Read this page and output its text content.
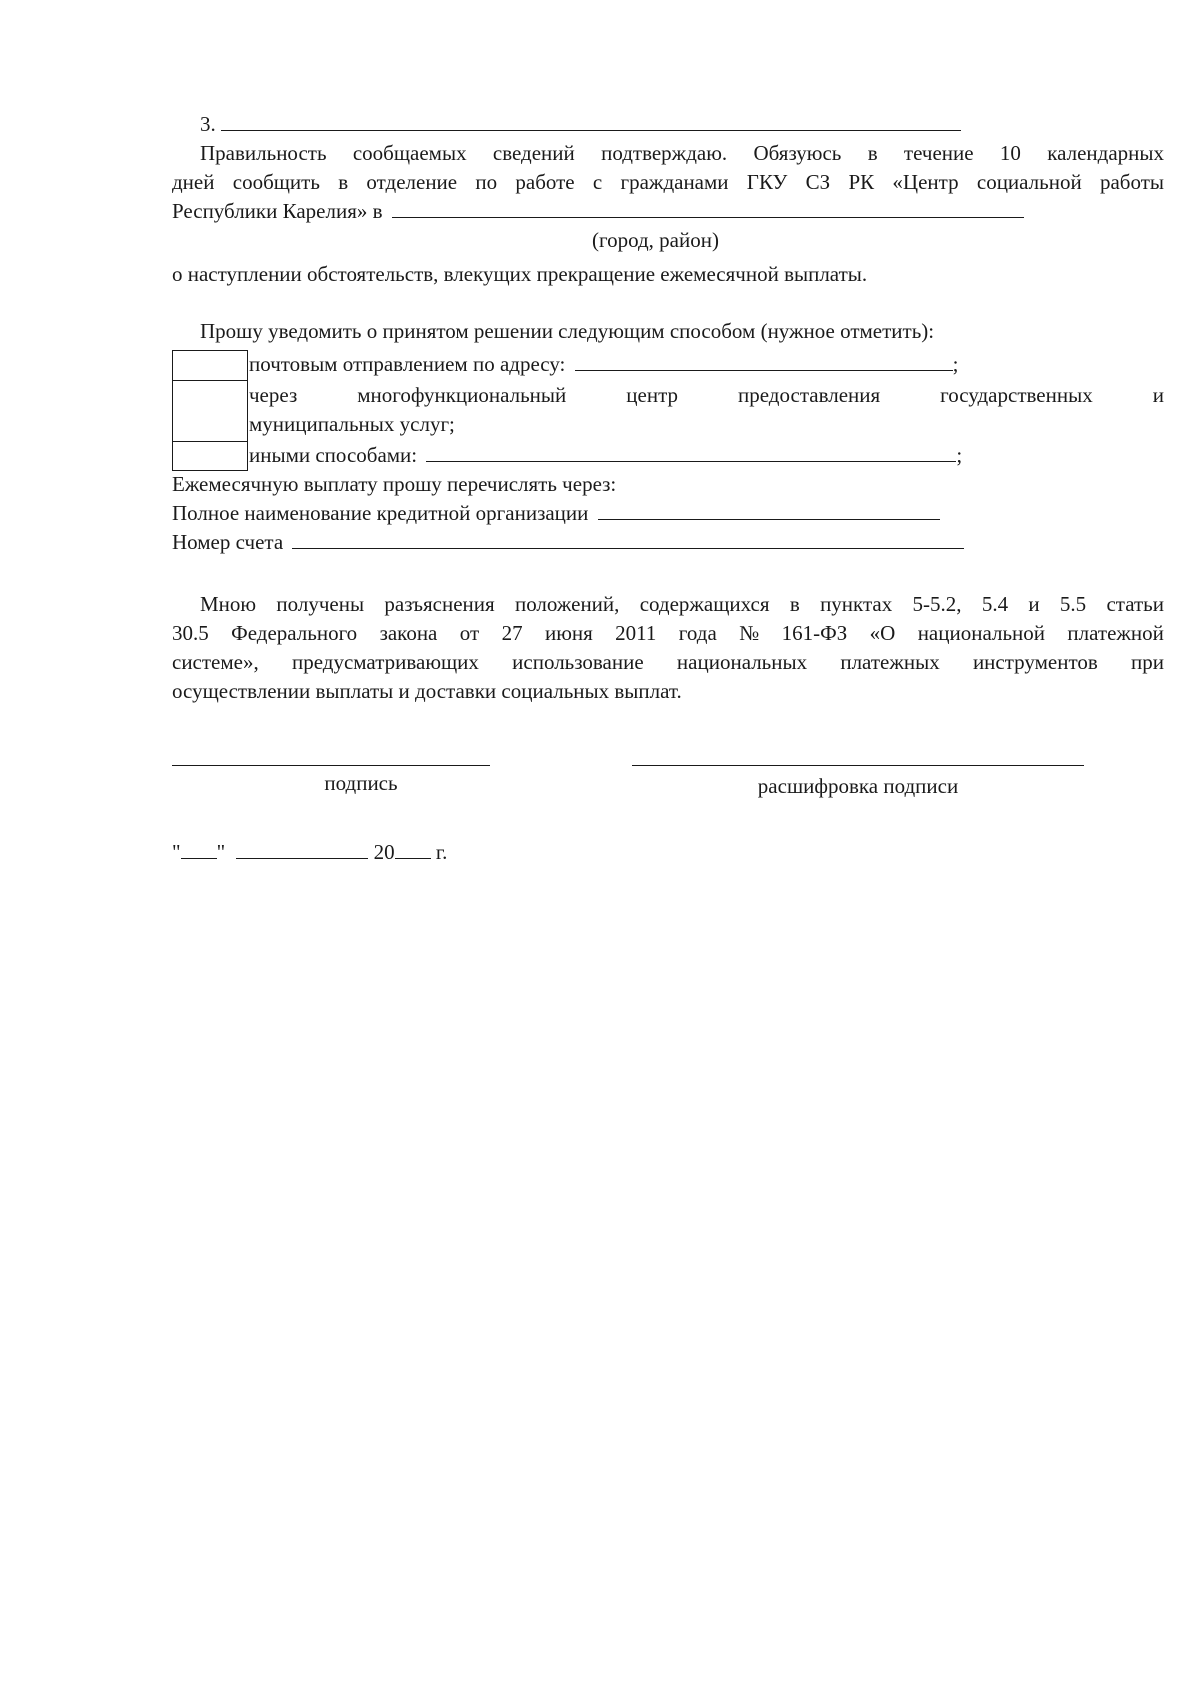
3.
Правильность сообщаемых сведений подтверждаю. Обязуюсь в течение 10 календарных
дней сообщить в отделение по работе с гражданами ГКУ СЗ РК «Центр социальной работы
Республики Карелия» в
(город, район)
о наступлении обстоятельств, влекущих прекращение ежемесячной выплаты.
Прошу уведомить о принятом решении следующим способом (нужное отметить):
почтовым отправлением по адресу:	;
через	многофункциональный	центр	предоставления	государственных	и
муниципальных услуг;
иными способами:	;
Ежемесячную выплату прошу перечислять через:
Полное наименование кредитной организации
Номер счета
Мною получены разъяснения положений, содержащихся в пунктах 5-5.2, 5.4 и 5.5 статьи
30.5 Федерального закона от 27 июня 2011 года № 161-ФЗ «О национальной платежной
системе», предусматривающих использование национальных платежных инструментов при
осуществлении выплаты и доставки социальных выплат.
подпись	расшифровка подписи
" "	20 г.
